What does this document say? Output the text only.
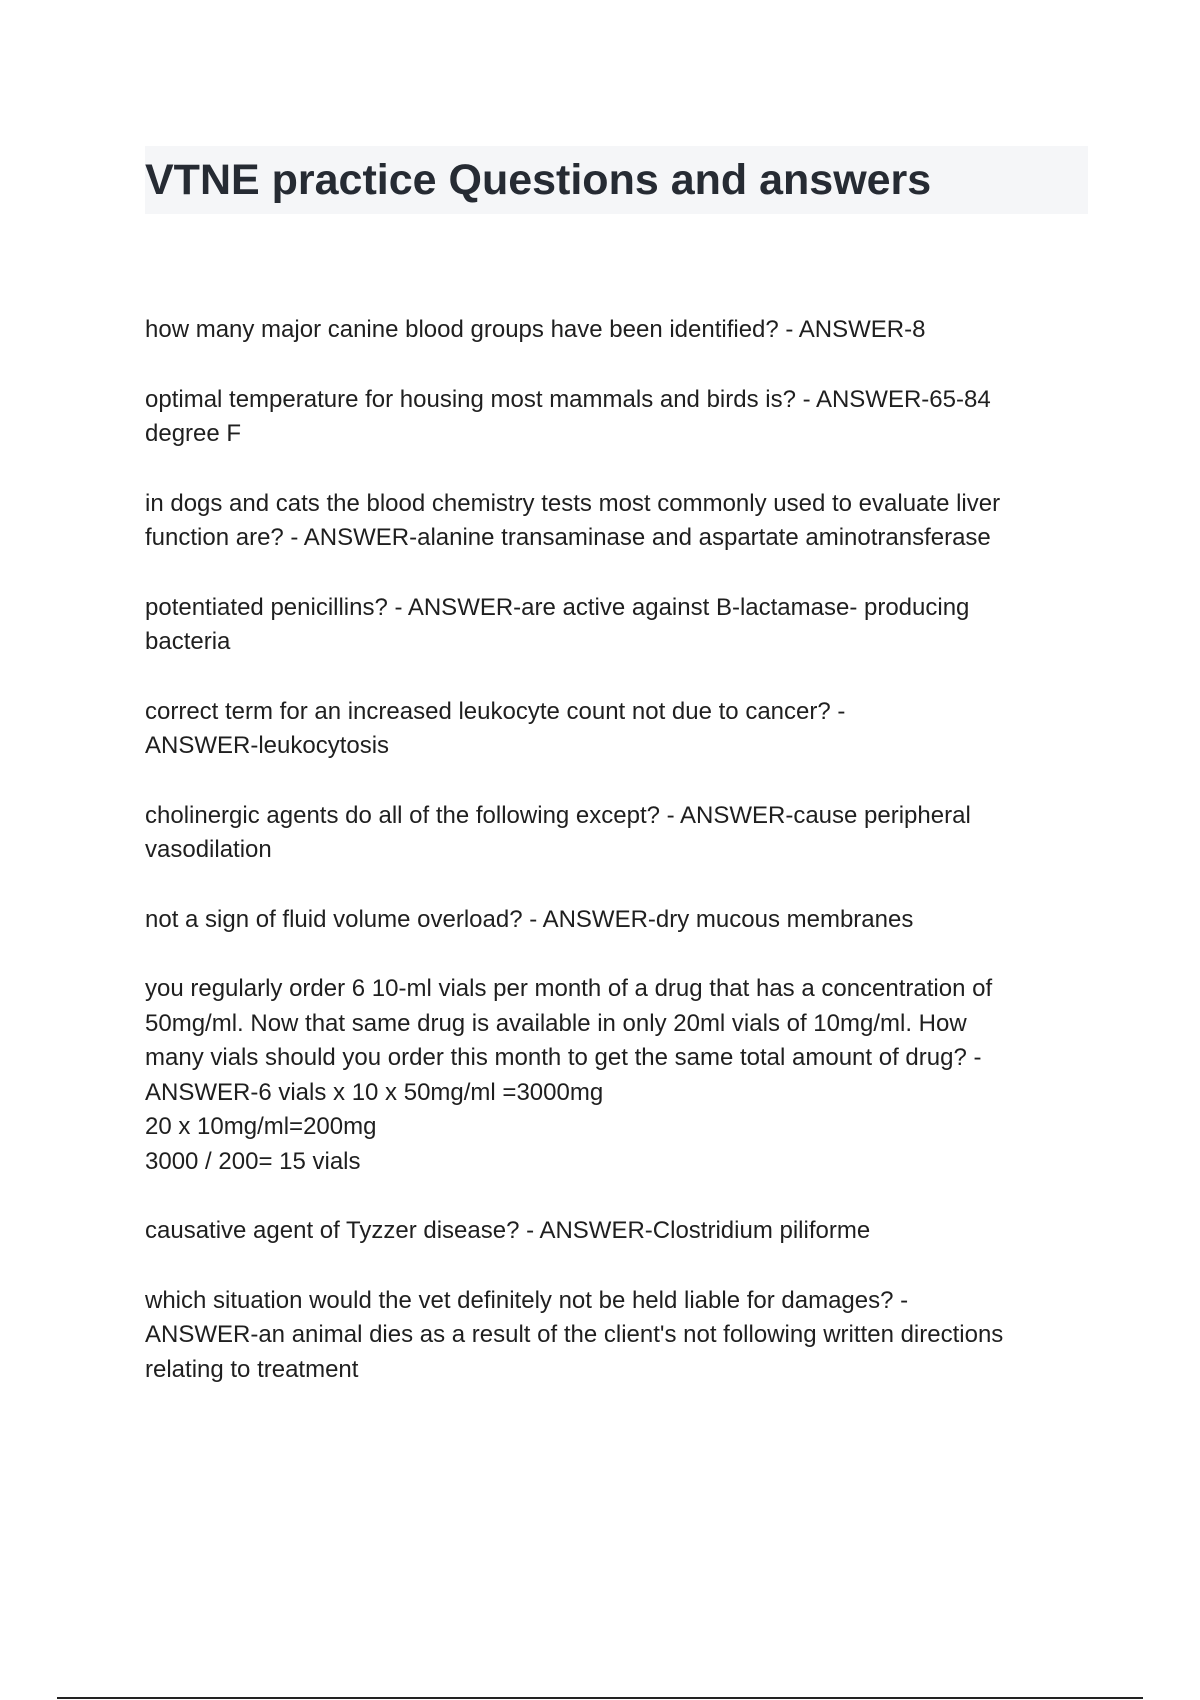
VTNE practice Questions and answers
how many major canine blood groups have been identified? - ANSWER-8
optimal temperature for housing most mammals and birds is? - ANSWER-65-84
degree F
in dogs and cats the blood chemistry tests most commonly used to evaluate liver
function are? - ANSWER-alanine transaminase and aspartate aminotransferase
potentiated penicillins? - ANSWER-are active against B-lactamase- producing
bacteria
correct term for an increased leukocyte count not due to cancer? -
ANSWER-leukocytosis
cholinergic agents do all of the following except? - ANSWER-cause peripheral
vasodilation
not a sign of fluid volume overload? - ANSWER-dry mucous membranes
you regularly order 6 10-ml vials per month of a drug that has a concentration of
50mg/ml. Now that same drug is available in only 20ml vials of 10mg/ml. How
many vials should you order this month to get the same total amount of drug? -
ANSWER-6 vials x 10 x 50mg/ml =3000mg
20 x 10mg/ml=200mg
3000 / 200= 15 vials
causative agent of Tyzzer disease? - ANSWER-Clostridium piliforme
which situation would the vet definitely not be held liable for damages? -
ANSWER-an animal dies as a result of the client's not following written directions
relating to treatment
